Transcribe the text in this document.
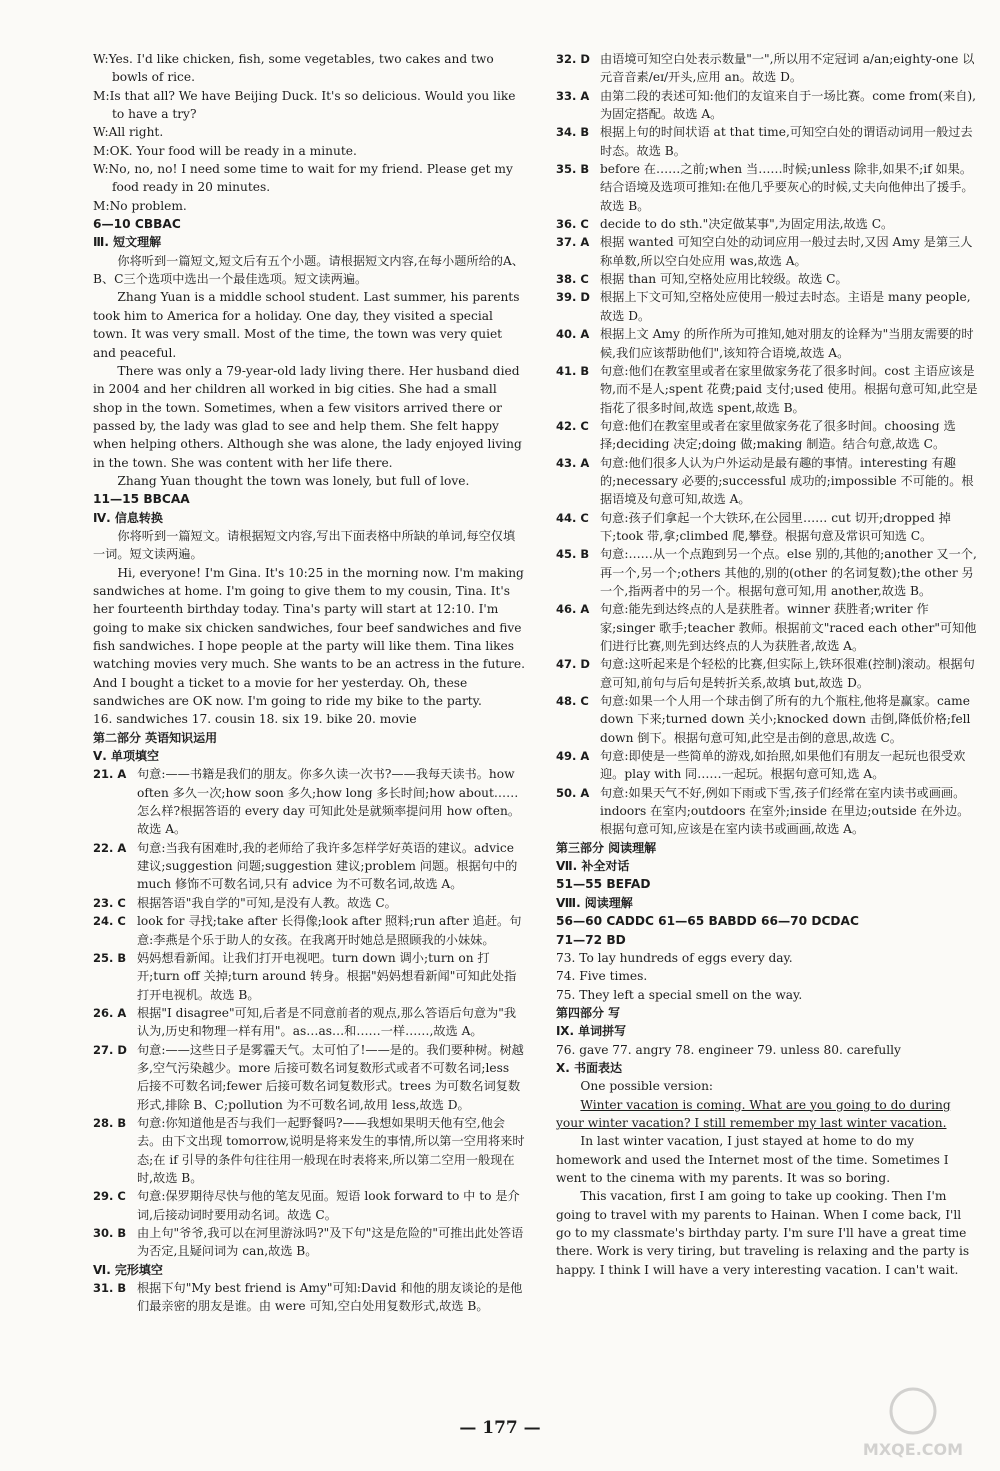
W:Yes. I'd like chicken, fish, some vegetables, two cakes and two bowls of rice.

M:Is that all? We have Beijing Duck. It's so delicious. Would you like to have a try?

W:All right.

M:OK. Your food will be ready in a minute.

W:No, no, no! I need some time to wait for my friend. Please get my food ready in 20 minutes.

M:No problem.

6—10 CBBAC

Ⅲ. 短文理解

你将听到一篇短文,短文后有五个小题。请根据短文内容,在每小题所给的A、B、C三个选项中选出一个最佳选项。短文读两遍。

Zhang Yuan is a middle school student. Last summer, his parents took him to America for a holiday. One day, they visited a special town. It was very small. Most of the time, the town was very quiet and peaceful.

There was only a 79-year-old lady living there. Her husband died in 2004 and her children all worked in big cities. She had a small shop in the town. Sometimes, when a few visitors arrived there or passed by, the lady was glad to see and help them. She felt happy when helping others. Although she was alone, the lady enjoyed living in the town. She was content with her life there.

Zhang Yuan thought the town was lonely, but full of love.

11—15 BBCAA

Ⅳ. 信息转换

你将听到一篇短文。请根据短文内容,写出下面表格中所缺的单词,每空仅填一词。短文读两遍。

Hi, everyone! I'm Gina. It's 10:25 in the morning now. I'm making sandwiches at home. I'm going to give them to my cousin, Tina. It's her fourteenth birthday today. Tina's party will start at 12:10. I'm going to make six chicken sandwiches, four beef sandwiches and five fish sandwiches. I hope people at the party will like them. Tina likes watching movies very much. She wants to be an actress in the future. And I bought a ticket to a movie for her yesterday. Oh, these sandwiches are OK now. I'm going to ride my bike to the party.

16. sandwiches 17. cousin 18. six 19. bike 20. movie

第二部分 英语知识运用

Ⅴ. 单项填空

21. A 句意:——书籍是我们的朋友。你多久读一次书?——我每天读书。how often 多久一次;how soon 多久;how long 多长时间;how about…… 怎么样?根据答语的 every day 可知此处是就频率提问用 how often。故选 A。
22. A 句意:当我有困难时,我的老师给了我许多怎样学好英语的建议。advice 建议;suggestion 问题;suggestion 建议;problem 问题。根据句中的 much 修饰不可数名词,只有 advice 为不可数名词,故选 A。
23. C 根据答语"我自学的"可知,是没有人教。故选 C。
24. C look for 寻找;take after 长得像;look after 照料;run after 追赶。句意:李燕是个乐于助人的女孩。在我离开时她总是照顾我的小妹妹。
25. B 妈妈想看新闻。让我们打开电视吧。turn down 调小;turn on 打开;turn off 关掉;turn around 转身。根据"妈妈想看新闻"可知此处指打开电视机。故选 B。
26. A 根据"I disagree"可知,后者是不同意前者的观点,那么答语后句意为"我认为,历史和物理一样有用"。as…as…和……一样……,故选 A。
27. D 句意:——这些日子是雾霾天气。太可怕了!——是的。我们要种树。树越多,空气污染越少。more 后接可数名词复数形式或者不可数名词;less 后接不可数名词;fewer 后接可数名词复数形式。trees 为可数名词复数形式,排除 B、C;pollution 为不可数名词,故用 less,故选 D。
28. B 句意:你知道他是否与我们一起野餐吗?——我想如果明天他有空,他会去。由下文出现 tomorrow,说明是将来发生的事情,所以第一空用将来时态;在 if 引导的条件句往往用一般现在时表将来,所以第二空用一般现在时,故选 B。
29. C 句意:保罗期待尽快与他的笔友见面。短语 look forward to 中 to 是介词,后接动词时要用动名词。故选 C。
30. B 由上句"爷爷,我可以在河里游泳吗?"及下句"这是危险的"可推出此处答语为否定,且疑问词为 can,故选 B。

Ⅵ. 完形填空

31. B 根据下句"My best friend is Amy"可知:David 和他的朋友谈论的是他们最亲密的朋友是谁。由 were 可知,空白处用复数形式,故选 B。
32. D 由语境可知空白处表示数量"一",所以用不定冠词 a/an;eighty-one 以元音音素/eɪ/开头,应用 an。故选 D。
33. A 由第二段的表述可知:他们的友谊来自于一场比赛。come from(来自),为固定搭配。故选 A。
34. B 根据上句的时间状语 at that time,可知空白处的谓语动词用一般过去时态。故选 B。
35. B before 在……之前;when 当……时候;unless 除非,如果不;if 如果。结合语境及选项可推知:在他几乎要灰心的时候,丈夫向他伸出了援手。故选 B。
36. C decide to do sth."决定做某事",为固定用法,故选 C。
37. A 根据 wanted 可知空白处的动词应用一般过去时,又因 Amy 是第三人称单数,所以空白处应用 was,故选 A。
38. C 根据 than 可知,空格处应用比较级。故选 C。
39. D 根据上下文可知,空格处应使用一般过去时态。主语是 many people,故选 D。
40. A 根据上文 Amy 的所作所为可推知,她对朋友的诠释为"当朋友需要的时候,我们应该帮助他们",该知符合语境,故选 A。
41. B 句意:他们在教室里或者在家里做家务花了很多时间。cost 主语应该是物,而不是人;spent 花费;paid 支付;used 使用。根据句意可知,此空是指花了很多时间,故选 spent,故选 B。
42. C 句意:他们在教室里或者在家里做家务花了很多时间。choosing 选择;deciding 决定;doing 做;making 制造。结合句意,故选 C。
43. A 句意:他们很多人认为户外运动是最有趣的事情。interesting 有趣的;necessary 必要的;successful 成功的;impossible 不可能的。根据语境及句意可知,故选 A。
44. C 句意:孩子们拿起一个大铁环,在公园里…… cut 切开;dropped 掉下;took 带,拿;climbed 爬,攀登。根据句意及常识可知选 C。
45. B 句意:……从一个点跑到另一个点。else 别的,其他的;another 又一个,再一个,另一个;others 其他的,别的(other 的名词复数);the other 另一个,指两者中的另一个。根据句意可知,用 another,故选 B。
46. A 句意:能先到达终点的人是获胜者。winner 获胜者;writer 作家;singer 歌手;teacher 教师。根据前文"raced each other"可知他们进行比赛,则先到达终点的人为获胜者,故选 A。
47. D 句意:这听起来是个轻松的比赛,但实际上,铁环很难(控制)滚动。根据句意可知,前句与后句是转折关系,故填 but,故选 D。
48. C 句意:如果一个人用一个球击倒了所有的九个瓶柱,他将是赢家。came down 下来;turned down 关小;knocked down 击倒,降低价格;fell down 倒下。根据句意可知,此空是击倒的意思,故选 C。
49. A 句意:即使是一些简单的游戏,如抬照,如果他们有朋友一起玩也很受欢迎。play with 同……一起玩。根据句意可知,选 A。
50. A 句意:如果天气不好,例如下雨或下雪,孩子们经常在室内读书或画画。indoors 在室内;outdoors 在室外;inside 在里边;outside 在外边。根据句意可知,应该是在室内读书或画画,故选 A。

第三部分 阅读理解

Ⅶ. 补全对话

51—55 BEFAD

Ⅷ. 阅读理解

56—60 CADDC 61—65 BABDD 66—70 DCDAC

71—72 BD

73. To lay hundreds of eggs every day.

74. Five times.

75. They left a special smell on the way.

第四部分 写

Ⅸ. 单词拼写

76. gave 77. angry 78. engineer 79. unless 80. carefully

Ⅹ. 书面表达

One possible version:

Winter vacation is coming. What are you going to do during your winter vacation? I still remember my last winter vacation.

In last winter vacation, I just stayed at home to do my homework and used the Internet most of the time. Sometimes I went to the cinema with my parents. It was so boring.

This vacation, first I am going to take up cooking. Then I'm going to travel with my parents to Hainan. When I come back, I'll go to my classmate's birthday party. I'm sure I'll have a great time there. Work is very tiring, but traveling is relaxing and the party is happy. I think I will have a very interesting vacation. I can't wait.

— 177 —
MXQE.COM
